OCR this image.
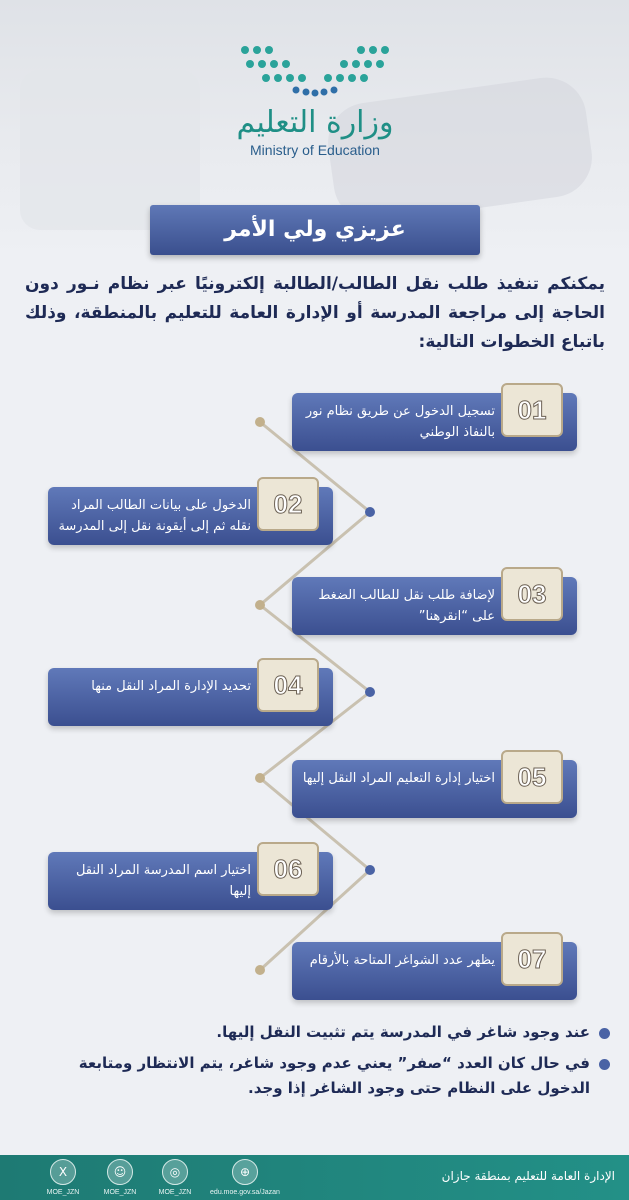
وزارة التعليم
Ministry of Education
عزيزي ولي الأمر
يمكنكم تنفيذ طلب نقل الطالب/الطالبة إلكترونيًا عبر نظام نـور دون الحاجة إلى مراجعة المدرسة أو الإدارة العامة للتعليم بالمنطقة، وذلك باتباع الخطوات التالية:
01
تسجيل الدخول عن طريق نظام نور بالنفاذ الوطني
02
الدخول على بيانات الطالب المراد نقله ثم إلى أيقونة نقل إلى المدرسة
03
لإضافة طلب نقل للطالب الضغط على “انقرهنا”
04
تحديد الإدارة المراد النقل منها
05
اختيار إدارة التعليم المراد النقل إليها
06
اختيار اسم المدرسة المراد النقل إليها
07
يظهر عدد الشواغر المتاحة بالأرقام
عند وجود شاغر في المدرسة يتم تثبيت النقل إليها.
في حال كان العدد “صفر” يعني عدم وجود شاغر، يتم الانتظار ومتابعة الدخول على النظام حتى وجود الشاغر إذا وجد.
X
MOE_JZN
☺
MOE_JZN
◎
MOE_JZN
⊕
edu.moe.gov.sa/Jazan
الإدارة العامة للتعليم بمنطقة جازان
